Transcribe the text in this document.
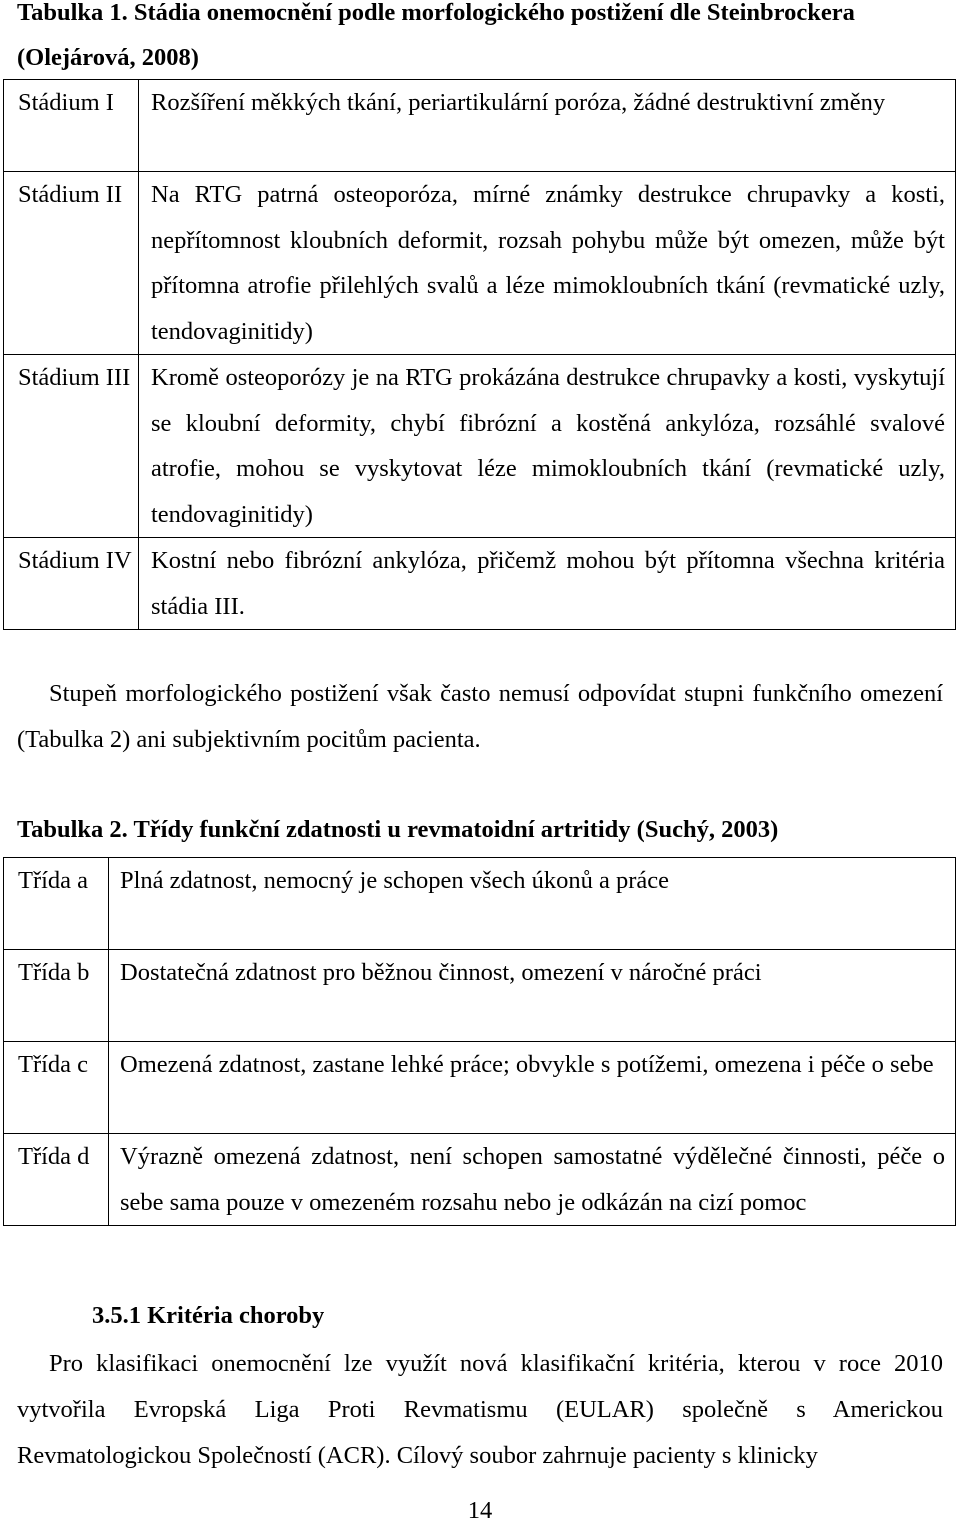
Tabulka 1. Stádia onemocnění podle morfologického postižení dle Steinbrockera (Olejárová, 2008)
Stádium I	Rozšíření měkkých tkání, periartikulární poróza, žádné destruktivní změny
Stádium II	Na RTG patrná osteoporóza, mírné známky destrukce chrupavky a kosti, nepřítomnost kloubních deformit, rozsah pohybu může být omezen, může být přítomna atrofie přilehlých svalů a léze mimokloubních tkání (revmatické uzly, tendovaginitidy)
Stádium III	Kromě osteoporózy je na RTG prokázána destrukce chrupavky a kosti, vyskytují se kloubní deformity, chybí fibrózní a kostěná ankylóza, rozsáhlé svalové atrofie, mohou se vyskytovat léze mimokloubních tkání (revmatické uzly, tendovaginitidy)
Stádium IV	Kostní nebo fibrózní ankylóza, přičemž mohou být přítomna všechna kritéria stádia III.
Stupeň morfologického postižení však často nemusí odpovídat stupni funkčního omezení (Tabulka 2) ani subjektivním pocitům pacienta.
Tabulka 2. Třídy funkční zdatnosti u revmatoidní artritidy (Suchý, 2003)
Třída a	Plná zdatnost, nemocný je schopen všech úkonů a práce
Třída b	Dostatečná zdatnost pro běžnou činnost, omezení v náročné práci
Třída c	Omezená zdatnost, zastane lehké práce; obvykle s potížemi, omezena i péče o sebe
Třída d	Výrazně omezená zdatnost, není schopen samostatné výdělečné činnosti, péče o sebe sama pouze v omezeném rozsahu nebo je odkázán na cizí pomoc
3.5.1 Kritéria choroby
Pro klasifikaci onemocnění lze využít nová klasifikační kritéria, kterou v roce 2010 vytvořila Evropská Liga Proti Revmatismu (EULAR) společně s Americkou Revmatologickou Společností (ACR). Cílový soubor zahrnuje pacienty s klinicky
14
